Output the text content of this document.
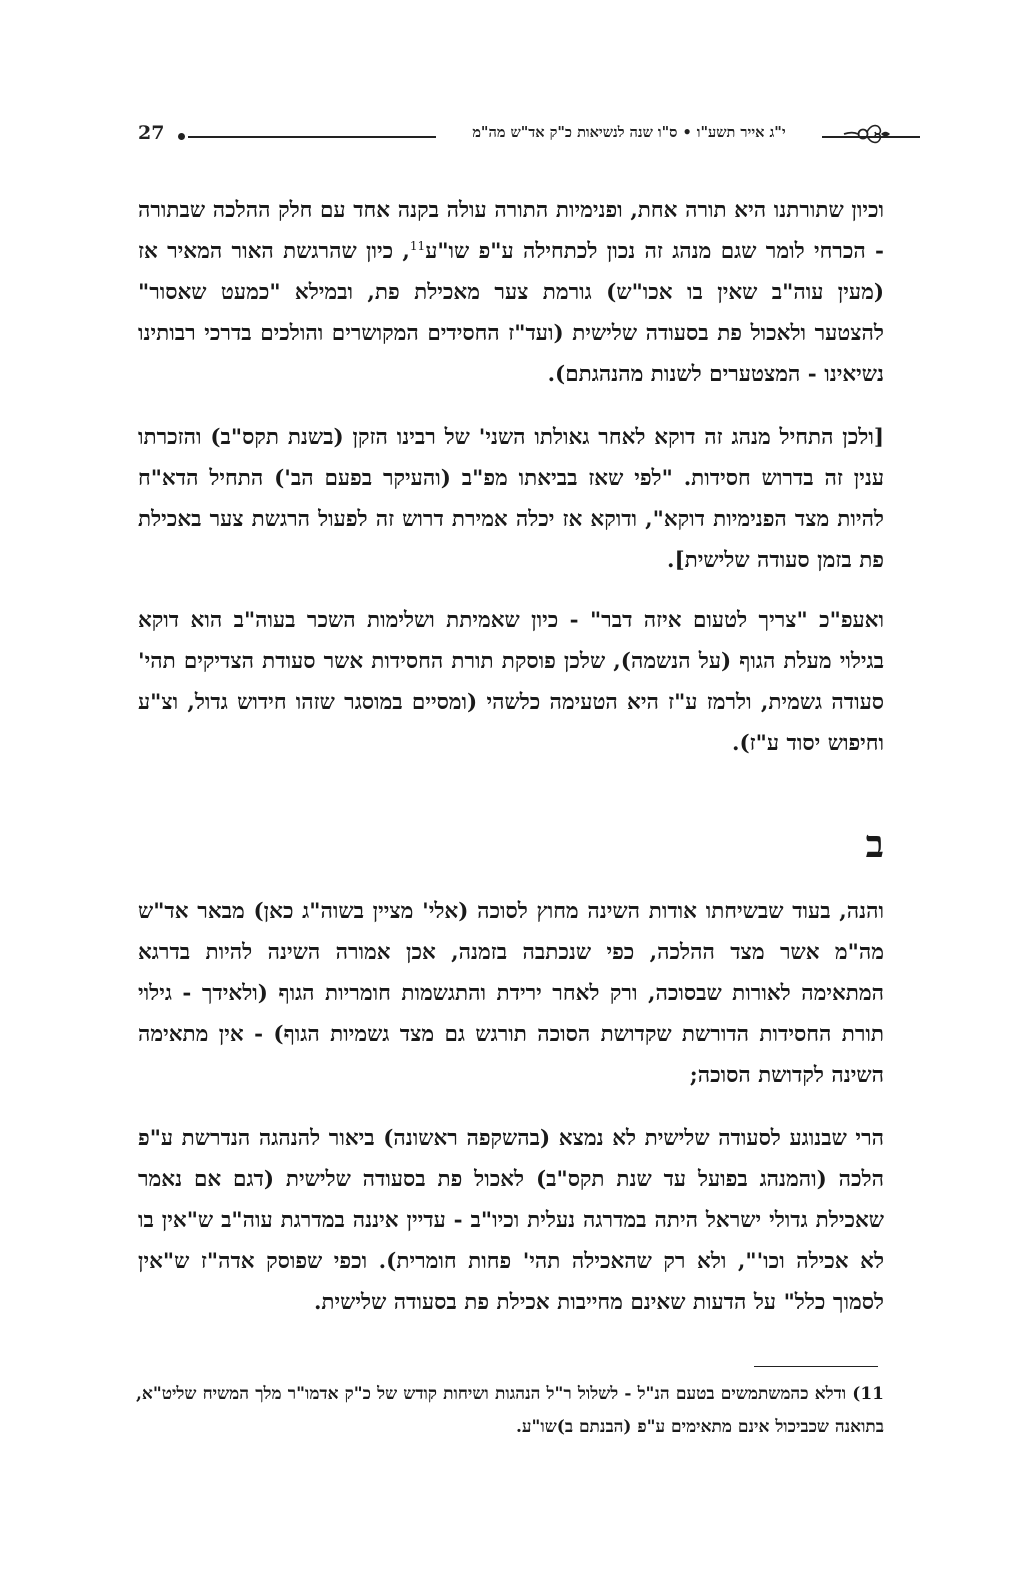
27	י"ג אייר תשע"ו • ס"ו שנה לנשיאות כ"ק אד"ש מה"מ

וכיון שתורתנו היא תורה אחת, ופנימיות התורה עולה בקנה אחד עם חלק ההלכה שבתורה - הכרחי לומר שגם מנהג זה נכון לכתחילה ע"פ שו"ע$^{11}$, כיון שהרגשת האור המאיר אז (מעין עוה"ב שאין בו אכו"ש) גורמת צער מאכילת פת, ובמילא "כמעט שאסור" להצטער ולאכול פת בסעודה שלישית (ועד"ז החסידים המקושרים והולכים בדרכי רבותינו נשיאינו - המצטערים לשנות מהנהגתם).

[ולכן התחיל מנהג זה דוקא לאחר גאולתו השני' של רבינו הזקן (בשנת תקס"ב) והזכרתו ענין זה בדרוש חסידות. "לפי שאז בביאתו מפ"ב (והעיקר בפעם הב') התחיל הדא"ח להיות מצד הפנימיות דוקא", ודוקא אז יכלה אמירת דרוש זה לפעול הרגשת צער באכילת פת בזמן סעודה שלישית].

ואעפ"כ "צריך לטעום איזה דבר" - כיון שאמיתת ושלימות השכר בעוה"ב הוא דוקא בגילוי מעלת הגוף (על הנשמה), שלכן פוסקת תורת החסידות אשר סעודת הצדיקים תהי' סעודה גשמית, ולרמז ע"ז היא הטעימה כלשהי (ומסיים במוסגר שזהו חידוש גדול, וצ"ע וחיפוש יסוד ע"ז).

ב

והנה, בעוד שבשיחתו אודות השינה מחוץ לסוכה (אלי' מציין בשוה"ג כאן) מבאר אד"ש מה"מ אשר מצד ההלכה, כפי שנכתבה בזמנה, אכן אמורה השינה להיות בדרגא המתאימה לאורות שבסוכה, ורק לאחר ירידת והתגשמות חומריות הגוף (ולאידך - גילוי תורת החסידות הדורשת שקדושת הסוכה תורגש גם מצד גשמיות הגוף) - אין מתאימה השינה לקדושת הסוכה;

הרי שבנוגע לסעודה שלישית לא נמצא (בהשקפה ראשונה) ביאור להנהגה הנדרשת ע"פ הלכה (והמנהג בפועל עד שנת תקס"ב) לאכול פת בסעודה שלישית (דגם אם נאמר שאכילת גדולי ישראל היתה במדרגה נעלית וכיו"ב - עדיין איננה במדרגת עוה"ב ש"אין בו לא אכילה וכו'", ולא רק שהאכילה תהי' פחות חומרית). וכפי שפוסק אדה"ז ש"אין לסמוך כלל" על הדעות שאינם מחייבות אכילת פת בסעודה שלישית.

11) ודלא כהמשתמשים בטעם הנ"ל - לשלול ר"ל הנהגות ושיחות קודש של כ"ק אדמו"ר מלך המשיח שליט"א, בתואנה שכביכול אינם מתאימים ע"פ (הבנתם ב)שו"ע.
